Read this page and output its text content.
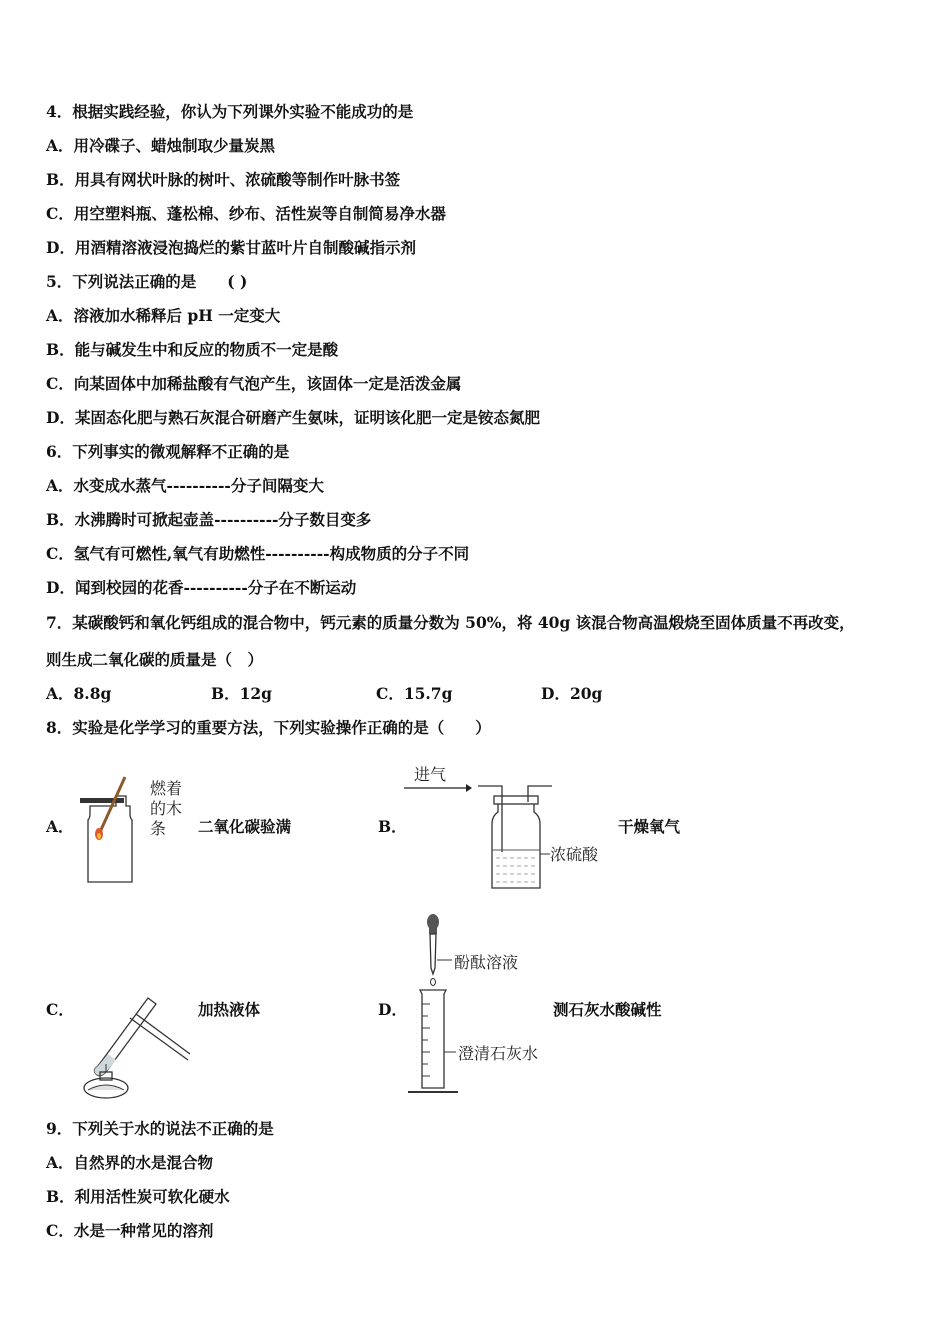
4．根据实践经验，你认为下列课外实验不能成功的是
A．用冷碟子、蜡烛制取少量炭黑
B．用具有网状叶脉的树叶、浓硫酸等制作叶脉书签
C．用空塑料瓶、蓬松棉、纱布、活性炭等自制简易净水器
D．用酒精溶液浸泡捣烂的紫甘蓝叶片自制酸碱指示剂
5．下列说法正确的是　　( )
A．溶液加水稀释后 pH 一定变大
B．能与碱发生中和反应的物质不一定是酸
C．向某固体中加稀盐酸有气泡产生，该固体一定是活泼金属
D．某固态化肥与熟石灰混合研磨产生氨味，证明该化肥一定是铵态氮肥
6．下列事实的微观解释不正确的是
A．水变成水蒸气----------分子间隔变大
B．水沸腾时可掀起壶盖----------分子数目变多
C．氢气有可燃性,氧气有助燃性----------构成物质的分子不同
D．闻到校园的花香----------分子在不断运动
7．某碳酸钙和氧化钙组成的混合物中，钙元素的质量分数为 50%，将 40g 该混合物高温煅烧至固体质量不再改变，
则生成二氧化碳的质量是（　）
A．8.8g	B．12g	C．15.7g	D．20g
8．实验是化学学习的重要方法，下列实验操作正确的是（　　）
A．
燃着
的木
条 二氧化碳验满	B．
进气
浓硫酸
干燥氧气
C．	加热液体	D．
酚酞溶液
澄清石灰水
测石灰水酸碱性
9．下列关于水的说法不正确的是
A．自然界的水是混合物
B．利用活性炭可软化硬水
C．水是一种常见的溶剂
